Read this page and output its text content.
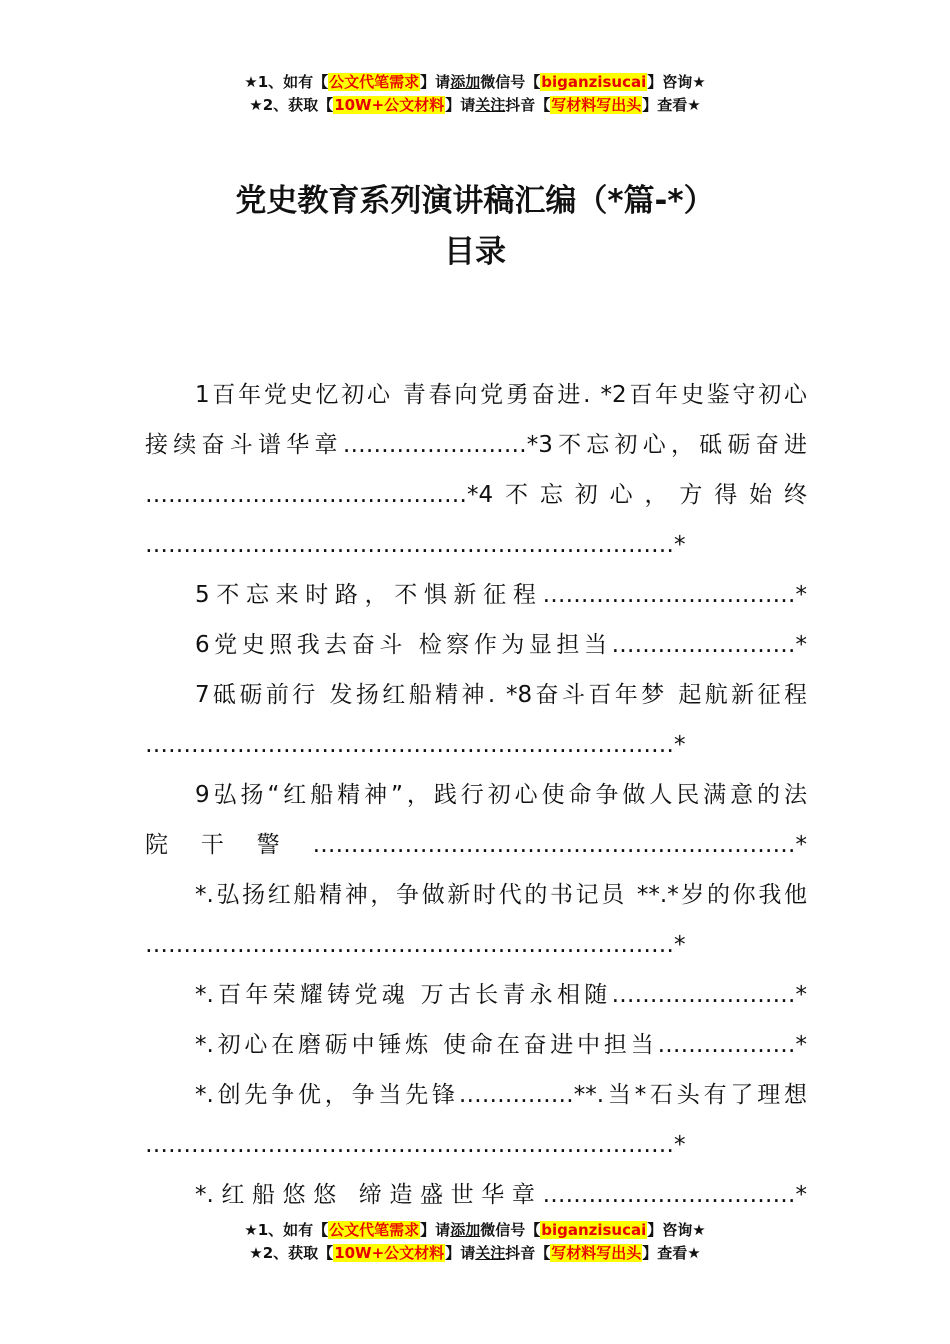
★1、如有【公文代笔需求】请添加微信号【biganzisucai】咨询★
★2、获取【10W+公文材料】请关注抖音【写材料写出头】查看★
党史教育系列演讲稿汇编（*篇-*）
目录

1百年党史忆初心 青春向党勇奋进. *2百年史鉴守初心

接续奋斗谱华章……………………*3不忘初心，砥砺奋进

……………………………………*4不忘初心，方得始终

……………………………………………………………*

5不忘来时路，不惧新征程……………………………*

6党史照我去奋斗 检察作为显担当……………………*

7砥砺前行 发扬红船精神. *8奋斗百年梦 起航新征程

……………………………………………………………*

9弘扬“红船精神”，践行初心使命争做人民满意的法

院干警………………………………………………………*

*.弘扬红船精神，争做新时代的书记员 **.*岁的你我他

……………………………………………………………*

*.百年荣耀铸党魂 万古长青永相随……………………*

*.初心在磨砺中锤炼 使命在奋进中担当………………*

*.创先争优，争当先锋……………**.当*石头有了理想

……………………………………………………………*

*.红船悠悠 缔造盛世华章……………………………*

★1、如有【公文代笔需求】请添加微信号【biganzisucai】咨询★
★2、获取【10W+公文材料】请关注抖音【写材料写出头】查看★
